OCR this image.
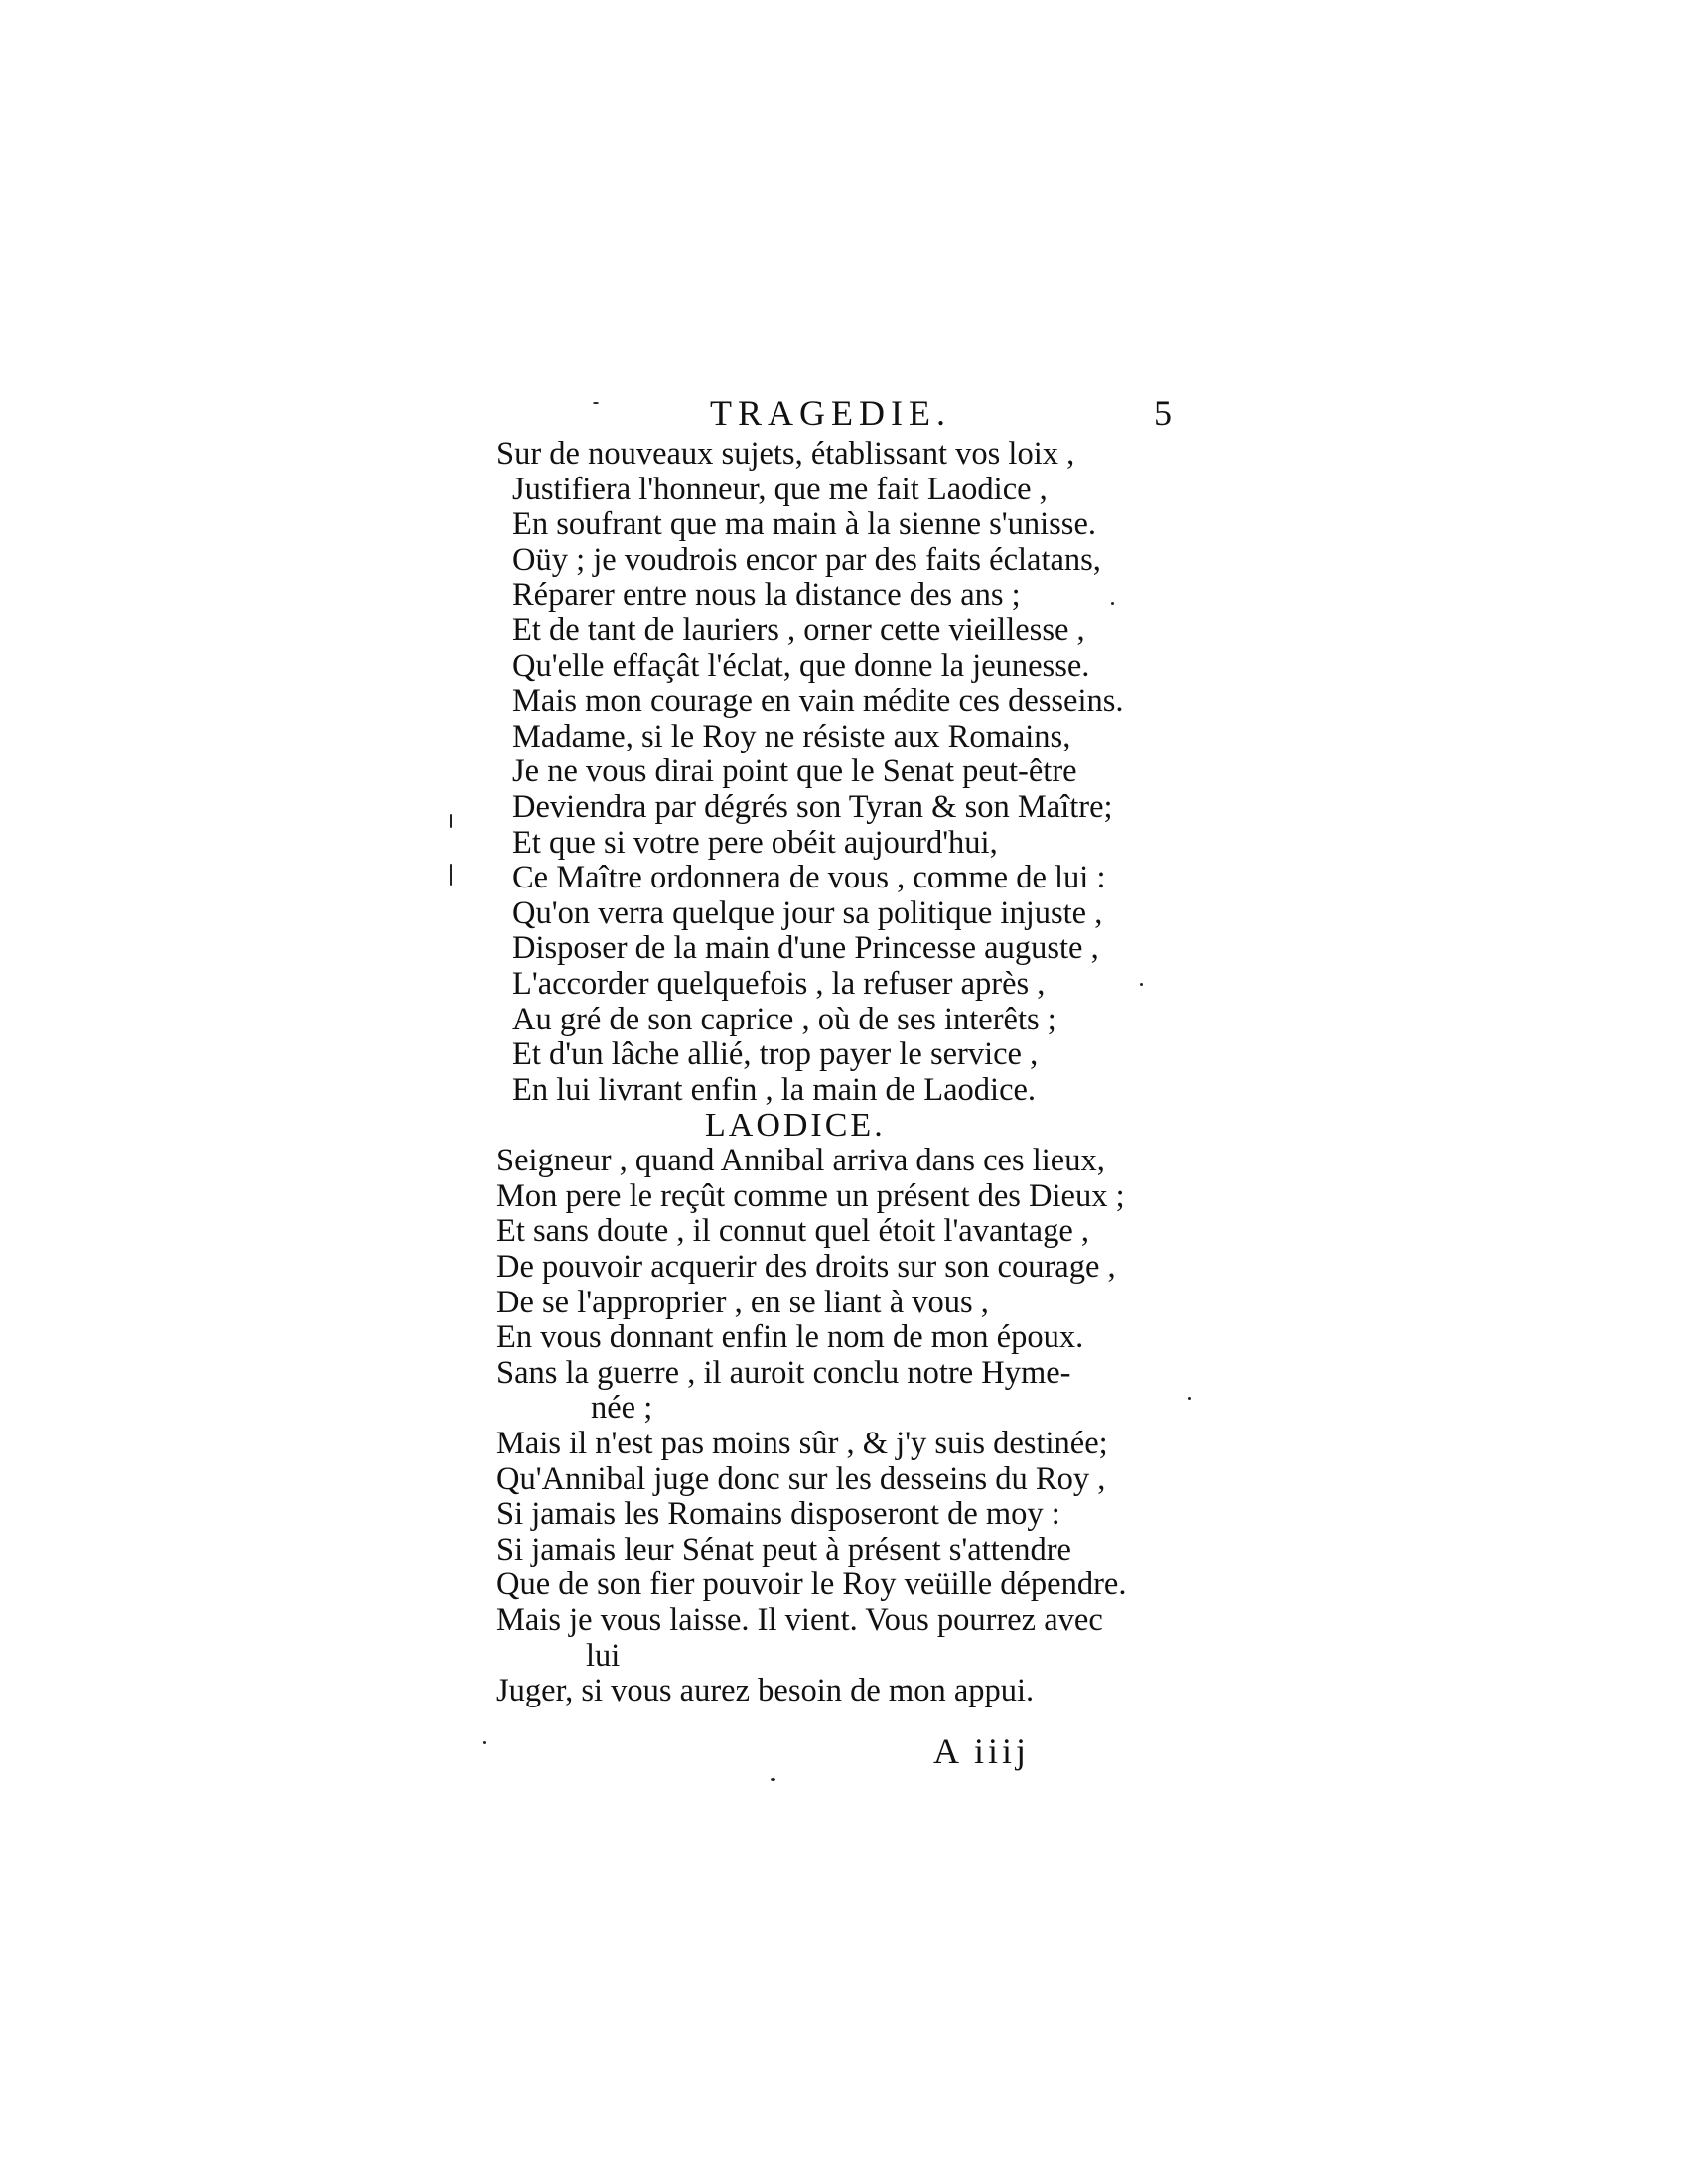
TRAGEDIE.	5
Sur de nouveaux sujets, établissant vos loix ,
Justifiera l'honneur, que me fait Laodice ,
En soufrant que ma main à la sienne s'unisse.
Oüy ; je voudrois encor par des faits éclatans,
Réparer entre nous la distance des ans ;
Et de tant de lauriers , orner cette vieillesse ,
Qu'elle effaçât l'éclat, que donne la jeunesse.
Mais mon courage en vain médite ces desseins.
Madame, si le Roy ne résiste aux Romains,
Je ne vous dirai point que le Senat peut-être
Deviendra par dégrés son Tyran & son Maître;
Et que si votre pere obéit aujourd'hui,
Ce Maître ordonnera de vous , comme de lui :
Qu'on verra quelque jour sa politique injuste ,
Disposer de la main d'une Princesse auguste ,
L'accorder quelquefois , la refuser après ,
Au gré de son caprice , où de ses interêts ;
Et d'un lâche allié, trop payer le service ,
En lui livrant enfin , la main de Laodice.
LAODICE.
Seigneur , quand Annibal arriva dans ces lieux,
Mon pere le reçût comme un présent des Dieux ;
Et sans doute , il connut quel étoit l'avantage ,
De pouvoir acquerir des droits sur son courage ,
De se l'approprier , en se liant à vous ,
En vous donnant enfin le nom de mon époux.
Sans la guerre , il auroit conclu notre Hyme-
née ;
Mais il n'est pas moins sûr , & j'y suis destinée;
Qu'Annibal juge donc sur les desseins du Roy ,
Si jamais les Romains disposeront de moy :
Si jamais leur Sénat peut à présent s'attendre
Que de son fier pouvoir le Roy veüille dépendre.
Mais je vous laisse. Il vient. Vous pourrez avec
lui
Juger, si vous aurez besoin de mon appui.
A iiij
